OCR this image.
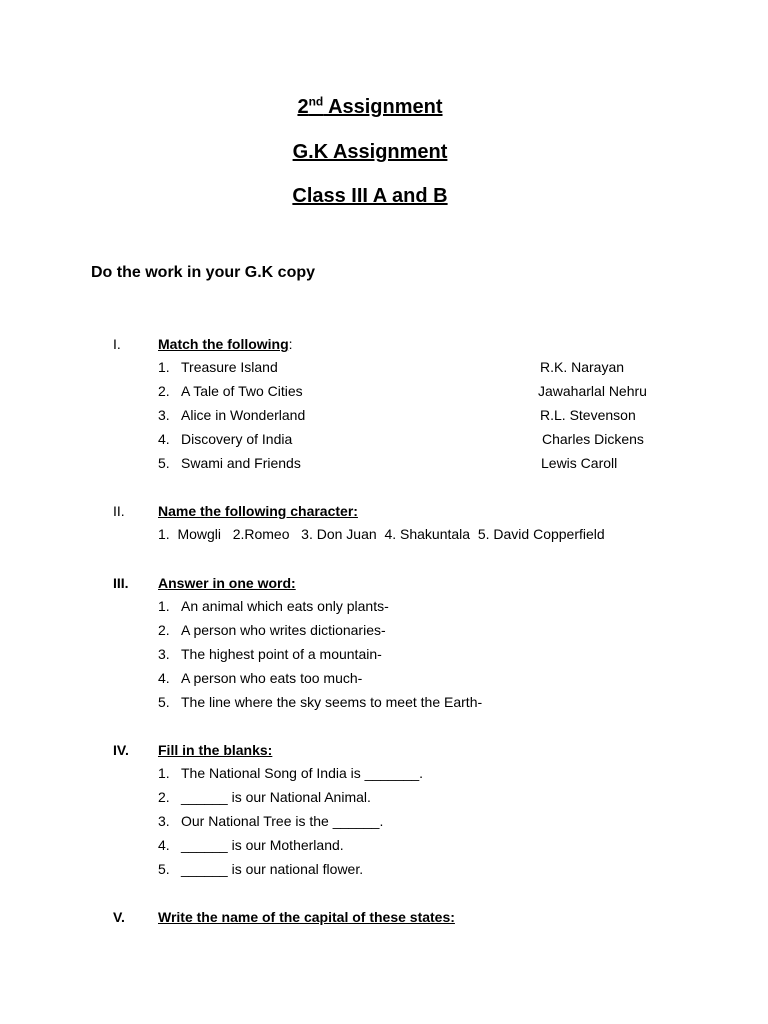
2nd Assignment
G.K Assignment
Class III A and B
Do the work in your G.K copy
I.	Match the following:
1. Treasure Island	R.K. Narayan
2. A Tale of Two Cities	Jawaharlal Nehru
3. Alice in Wonderland	R.L. Stevenson
4. Discovery of India	Charles Dickens
5. Swami and Friends	Lewis Caroll
II. Name the following character:
1.  Mowgli   2.Romeo   3. Don Juan  4. Shakuntala  5. David Copperfield
III. Answer in one word:
1. An animal which eats only plants-
2. A person who writes dictionaries-
3. The highest point of a mountain-
4. A person who eats too much-
5. The line where the sky seems to meet the Earth-
IV. Fill in the blanks:
1. The National Song of India is _______.
2. ______ is our National Animal.
3. Our National Tree is the ______.
4. ______ is our Motherland.
5. ______ is our national flower.
V. Write the name of the capital of these states:
